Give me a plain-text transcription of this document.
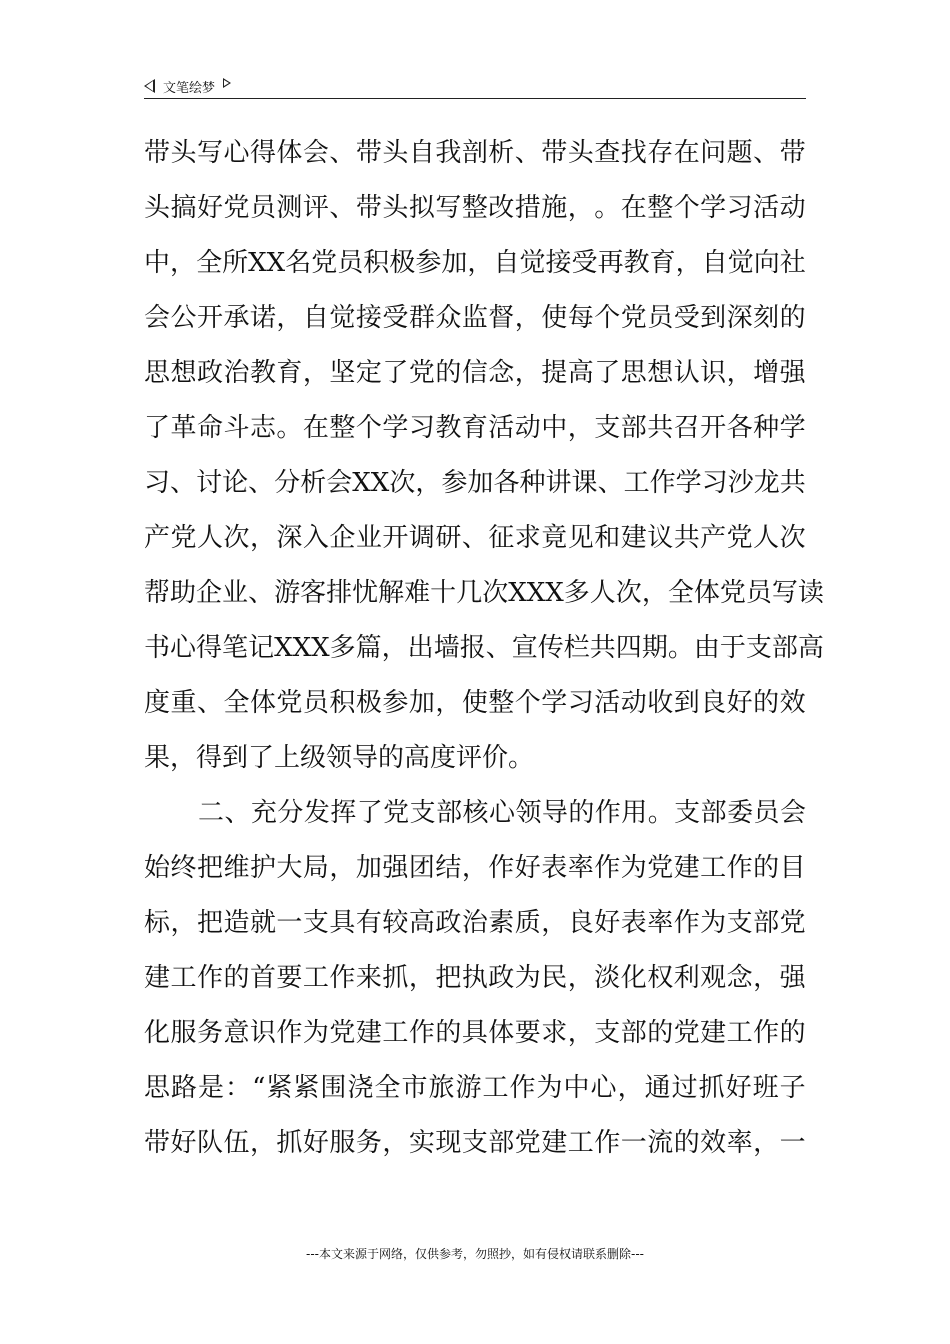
文笔绘梦
带 头 写 心 得 体 会 、 带 头 自 我 剖 析 、 带 头 查 找 存 在 问 题 、 带
头 搞 好 党 员 测 评 、 带 头 拟 写 整 改 措 施 ， 。 在 整 个 学 习 活 动
中 ， 全 所 X X 名 党 员 积 极 参 加 ， 自 觉 接 受 再 教 育 ， 自 觉 向 社
会 公 开 承 诺 ， 自 觉 接 受 群 众 监 督 ， 使 每 个 党 员 受 到 深 刻 的
思 想 政 治 教 育 ， 坚 定 了 党 的 信 念 ， 提 高 了 思 想 认 识 ， 增 强
了 革 命 斗 志 。 在 整 个 学 习 教 育 活 动 中 ， 支 部 共 召 开 各 种 学
习 、 讨 论 、 分 析 会 X X 次 ， 参 加 各 种 讲 课 、 工 作 学 习 沙 龙 共
产 党 人 次 ， 深 入 企 业 开 调 研 、 征 求 竟 见 和 建 议 共 产 党 人 次
帮 助 企 业 、 游 客 排 忧 解 难 十 几 次 X X X 多 人 次 ， 全 体 党 员 写 读
书 心 得 笔 记 X X X 多 篇 ， 出 墙 报 、 宣 传 栏 共 四 期 。 由 于 支 部 高
度 重 、 全 体 党 员 积 极 参 加 ， 使 整 个 学 习 活 动 收 到 良 好 的 效
果，得到了上级领导的高度评价。
二 、 充 分 发 挥 了 党 支 部 核 心 领 导 的 作 用 。 支 部 委 员 会
始 终 把 维 护 大 局 ， 加 强 团 结 ， 作 好 表 率 作 为 党 建 工 作 的 目
标 ， 把 造 就 一 支 具 有 较 高 政 治 素 质 ， 良 好 表 率 作 为 支 部 党
建 工 作 的 首 要 工 作 来 抓 ， 把 执 政 为 民 ， 淡 化 权 利 观 念 ， 强
化 服 务 意 识 作 为 党 建 工 作 的 具 体 要 求 ， 支 部 的 党 建 工 作 的
思 路 是 ： “ 紧 紧 围 浇 全 市 旅 游 工 作 为 中 心 ， 通 过 抓 好 班 子
带 好 队 伍 ， 抓 好 服 务 ， 实 现 支 部 党 建 工 作 一 流 的 效 率 ， 一
---本文来源于网络，仅供参考，勿照抄，如有侵权请联系删除---
